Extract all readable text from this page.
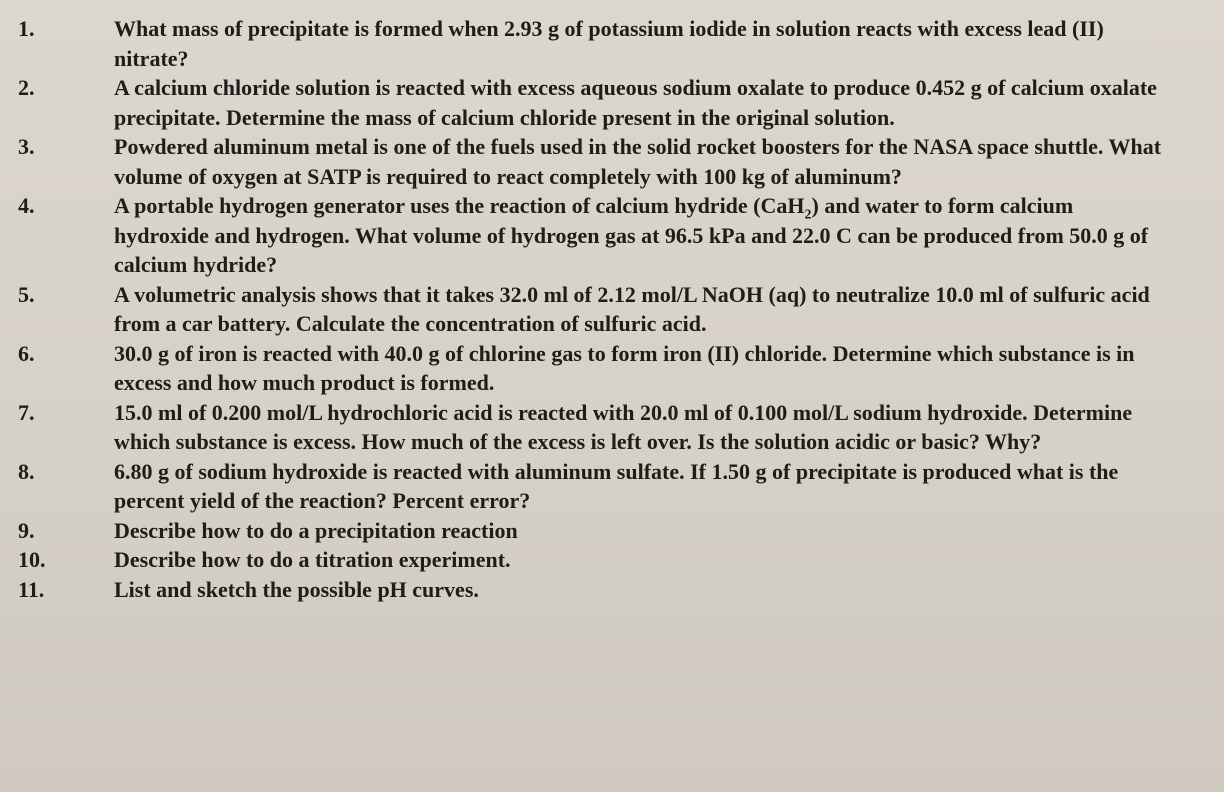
1.	What mass of precipitate is formed when 2.93 g of potassium iodide in solution reacts with excess lead (II) nitrate?
2.	A calcium chloride solution is reacted with excess aqueous sodium oxalate to produce 0.452 g of calcium oxalate precipitate. Determine the mass of calcium chloride present in the original solution.
3.	Powdered aluminum metal is one of the fuels used in the solid rocket boosters for the NASA space shuttle. What volume of oxygen at SATP is required to react completely with 100 kg of aluminum?
4.	A portable hydrogen generator uses the reaction of calcium hydride (CaH$_2$) and water to form calcium hydroxide and hydrogen. What volume of hydrogen gas at 96.5 kPa and 22.0 C can be produced from 50.0 g of calcium hydride?
5.	A volumetric analysis shows that it takes 32.0 ml of 2.12 mol/L NaOH (aq) to neutralize 10.0 ml of sulfuric acid from a car battery. Calculate the concentration of sulfuric acid.
6.	30.0 g of iron is reacted with 40.0 g of chlorine gas to form iron (II) chloride. Determine which substance is in excess and how much product is formed.
7.	15.0 ml of 0.200 mol/L hydrochloric acid is reacted with 20.0 ml of 0.100 mol/L sodium hydroxide. Determine which substance is excess. How much of the excess is left over. Is the solution acidic or basic? Why?
8.	6.80 g of sodium hydroxide is reacted with aluminum sulfate. If 1.50 g of precipitate is produced what is the percent yield of the reaction? Percent error?
9.	Describe how to do a precipitation reaction
10.	Describe how to do a titration experiment.
11.	List and sketch the possible pH curves.
